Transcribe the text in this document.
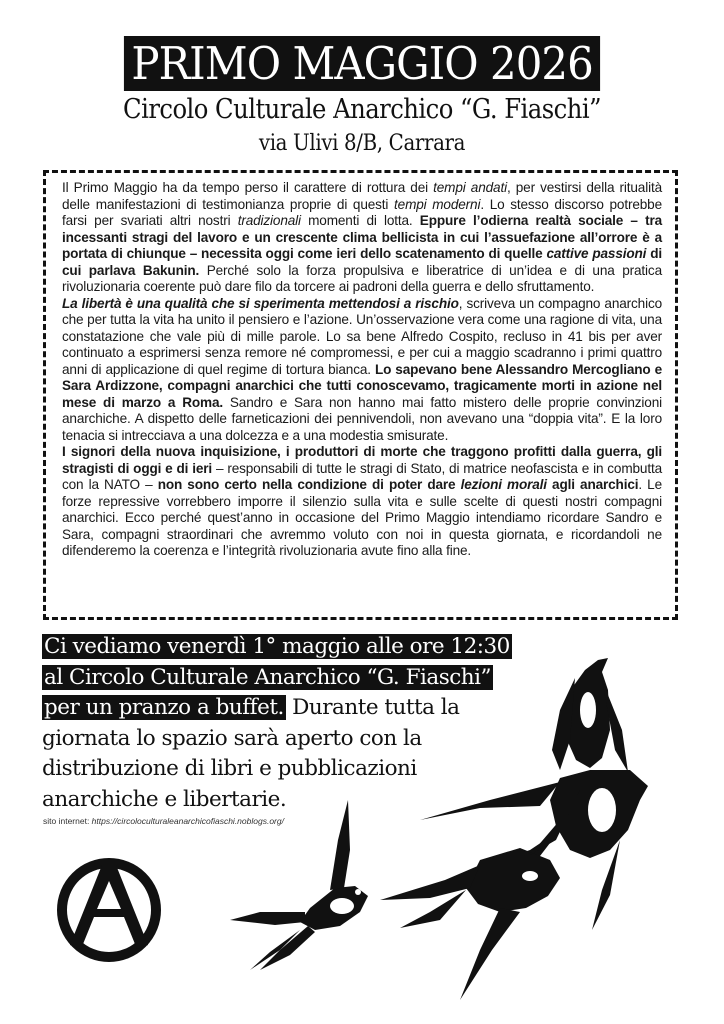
PRIMO MAGGIO 2026
Circolo Culturale Anarchico “G. Fiaschi”
via Ulivi 8/B, Carrara

Il Primo Maggio ha da tempo perso il carattere di rottura dei tempi andati, per vestirsi della ritualità delle manifestazioni di testimonianza proprie di questi tempi moderni. Lo stesso discorso potrebbe farsi per svariati altri nostri tradizionali momenti di lotta. Eppure l’odierna realtà sociale – tra incessanti stragi del lavoro e un crescente clima bellicista in cui l’assuefazione all’orrore è a portata di chiunque – necessita oggi come ieri dello scatenamento di quelle cattive passioni di cui parlava Bakunin. Perché solo la forza propulsiva e liberatrice di un’idea e di una pratica rivoluzionaria coerente può dare filo da torcere ai padroni della guerra e dello sfruttamento.

La libertà è una qualità che si sperimenta mettendosi a rischio, scriveva un compagno anarchico che per tutta la vita ha unito il pensiero e l’azione. Un’osservazione vera come una ragione di vita, una constatazione che vale più di mille parole. Lo sa bene Alfredo Cospito, recluso in 41 bis per aver continuato a esprimersi senza remore né compromessi, e per cui a maggio scadranno i primi quattro anni di applicazione di quel regime di tortura bianca. Lo sapevano bene Alessandro Mercogliano e Sara Ardizzone, compagni anarchici che tutti conoscevamo, tragicamente morti in azione nel mese di marzo a Roma. Sandro e Sara non hanno mai fatto mistero delle proprie convinzioni anarchiche. A dispetto delle farneticazioni dei pennivendoli, non avevano una “doppia vita”. E la loro tenacia si intrecciava a una dolcezza e a una modestia smisurate.

I signori della nuova inquisizione, i produttori di morte che traggono profitti dalla guerra, gli stragisti di oggi e di ieri – responsabili di tutte le stragi di Stato, di matrice neofascista e in combutta con la NATO – non sono certo nella condizione di poter dare lezioni morali agli anarchici. Le forze repressive vorrebbero imporre il silenzio sulla vita e sulle scelte di questi nostri compagni anarchici. Ecco perché quest’anno in occasione del Primo Maggio intendiamo ricordare Sandro e Sara, compagni straordinari che avremmo voluto con noi in questa giornata, e ricordandoli ne difenderemo la coerenza e l’integrità rivoluzionaria avute fino alla fine.

Ci vediamo venerdì 1° maggio alle ore 12:30
al Circolo Culturale Anarchico “G. Fiaschi”
per un pranzo a buffet. Durante tutta la giornata lo spazio sarà aperto con la distribuzione di libri e pubblicazioni anarchiche e libertarie.
sito internet: https://circoloculturaleanarchicofiaschi.noblogs.org/
